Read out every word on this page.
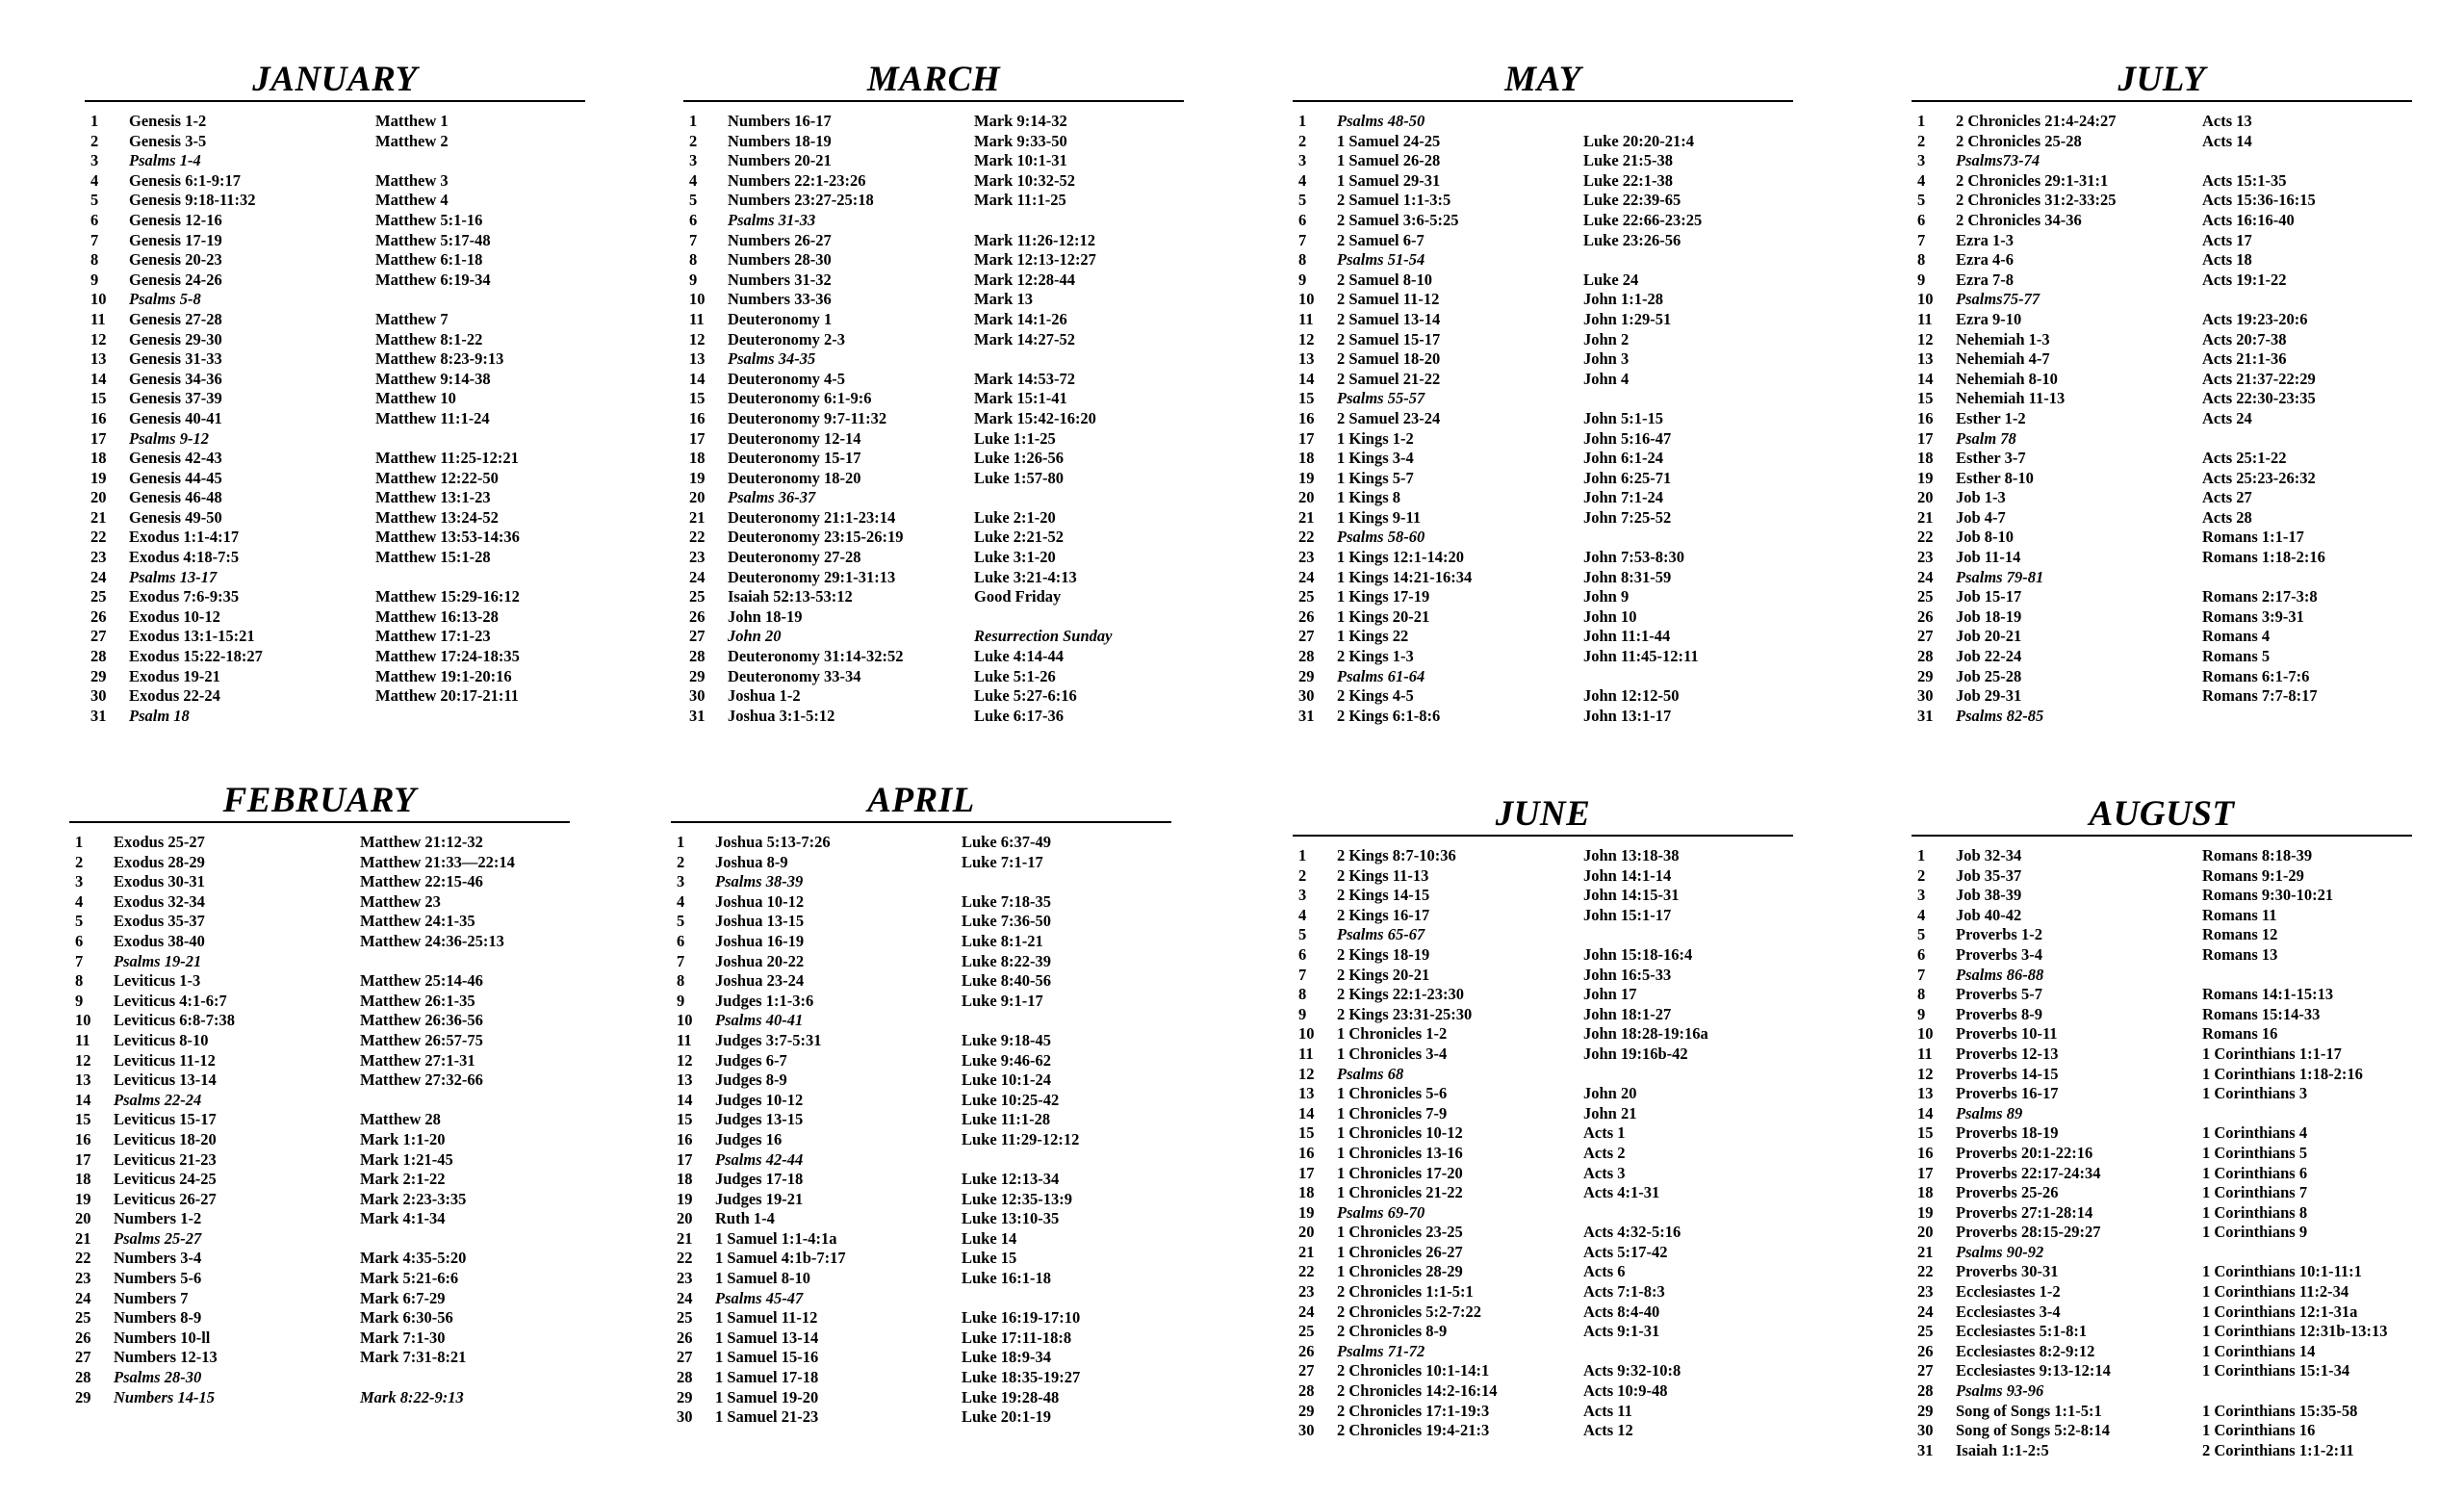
JANUARY
1	Genesis 1-2	Matthew 1
2	Genesis 3-5	Matthew 2
3	Psalms 1-4
4	Genesis 6:1-9:17	Matthew 3
5	Genesis 9:18-11:32	Matthew 4
6	Genesis 12-16	Matthew 5:1-16
7	Genesis 17-19	Matthew 5:17-48
8	Genesis 20-23	Matthew 6:1-18
9	Genesis 24-26	Matthew 6:19-34
10	Psalms 5-8
11	Genesis 27-28	Matthew 7
12	Genesis 29-30	Matthew 8:1-22
13	Genesis 31-33	Matthew 8:23-9:13
14	Genesis 34-36	Matthew 9:14-38
15	Genesis 37-39	Matthew 10
16	Genesis 40-41	Matthew 11:1-24
17	Psalms 9-12
18	Genesis 42-43	Matthew 11:25-12:21
19	Genesis 44-45	Matthew 12:22-50
20	Genesis 46-48	Matthew 13:1-23
21	Genesis 49-50	Matthew 13:24-52
22	Exodus 1:1-4:17	Matthew 13:53-14:36
23	Exodus 4:18-7:5	Matthew 15:1-28
24	Psalms 13-17
25	Exodus 7:6-9:35	Matthew 15:29-16:12
26	Exodus 10-12	Matthew 16:13-28
27	Exodus 13:1-15:21	Matthew 17:1-23
28	Exodus 15:22-18:27	Matthew 17:24-18:35
29	Exodus 19-21	Matthew 19:1-20:16
30	Exodus 22-24	Matthew 20:17-21:11
31	Psalm 18
FEBRUARY
1	Exodus 25-27	Matthew 21:12-32
2	Exodus 28-29	Matthew 21:33—22:14
3	Exodus 30-31	Matthew 22:15-46
4	Exodus 32-34	Matthew 23
5	Exodus 35-37	Matthew 24:1-35
6	Exodus 38-40	Matthew 24:36-25:13
7	Psalms 19-21
8	Leviticus 1-3	Matthew 25:14-46
9	Leviticus 4:1-6:7	Matthew 26:1-35
10	Leviticus 6:8-7:38	Matthew 26:36-56
11	Leviticus 8-10	Matthew 26:57-75
12	Leviticus 11-12	Matthew 27:1-31
13	Leviticus 13-14	Matthew 27:32-66
14	Psalms 22-24
15	Leviticus 15-17	Matthew 28
16	Leviticus 18-20	Mark 1:1-20
17	Leviticus 21-23	Mark 1:21-45
18	Leviticus 24-25	Mark 2:1-22
19	Leviticus 26-27	Mark 2:23-3:35
20	Numbers 1-2	Mark 4:1-34
21	Psalms 25-27
22	Numbers 3-4	Mark 4:35-5:20
23	Numbers 5-6	Mark 5:21-6:6
24	Numbers 7	Mark 6:7-29
25	Numbers 8-9	Mark 6:30-56
26	Numbers 10-ll	Mark 7:1-30
27	Numbers 12-13	Mark 7:31-8:21
28	Psalms 28-30
29	Numbers 14-15	Mark 8:22-9:13
MARCH
1	Numbers 16-17	Mark 9:14-32
2	Numbers 18-19	Mark 9:33-50
3	Numbers 20-21	Mark 10:1-31
4	Numbers 22:1-23:26	Mark 10:32-52
5	Numbers 23:27-25:18	Mark 11:1-25
6	Psalms 31-33
7	Numbers 26-27	Mark 11:26-12:12
8	Numbers 28-30	Mark 12:13-12:27
9	Numbers 31-32	Mark 12:28-44
10	Numbers 33-36	Mark 13
11	Deuteronomy 1	Mark 14:1-26
12	Deuteronomy 2-3	Mark 14:27-52
13	Psalms 34-35
14	Deuteronomy 4-5	Mark 14:53-72
15	Deuteronomy 6:1-9:6	Mark 15:1-41
16	Deuteronomy 9:7-11:32	Mark 15:42-16:20
17	Deuteronomy 12-14	Luke 1:1-25
18	Deuteronomy 15-17	Luke 1:26-56
19	Deuteronomy 18-20	Luke 1:57-80
20	Psalms 36-37
21	Deuteronomy 21:1-23:14	Luke 2:1-20
22	Deuteronomy 23:15-26:19	Luke 2:21-52
23	Deuteronomy 27-28	Luke 3:1-20
24	Deuteronomy 29:1-31:13	Luke 3:21-4:13
25	Isaiah 52:13-53:12	Good Friday
26	John 18-19
27	John 20	Resurrection Sunday
28	Deuteronomy 31:14-32:52	Luke 4:14-44
29	Deuteronomy 33-34	Luke 5:1-26
30	Joshua 1-2	Luke 5:27-6:16
31	Joshua 3:1-5:12	Luke 6:17-36
APRIL
1	Joshua 5:13-7:26	Luke 6:37-49
2	Joshua 8-9	Luke 7:1-17
3	Psalms 38-39
4	Joshua 10-12	Luke 7:18-35
5	Joshua 13-15	Luke 7:36-50
6	Joshua 16-19	Luke 8:1-21
7	Joshua 20-22	Luke 8:22-39
8	Joshua 23-24	Luke 8:40-56
9	Judges 1:1-3:6	Luke 9:1-17
10	Psalms 40-41
11	Judges 3:7-5:31	Luke 9:18-45
12	Judges 6-7	Luke 9:46-62
13	Judges 8-9	Luke 10:1-24
14	Judges 10-12	Luke 10:25-42
15	Judges 13-15	Luke 11:1-28
16	Judges 16	Luke 11:29-12:12
17	Psalms 42-44
18	Judges 17-18	Luke 12:13-34
19	Judges 19-21	Luke 12:35-13:9
20	Ruth 1-4	Luke 13:10-35
21	1 Samuel 1:1-4:1a	Luke 14
22	1 Samuel 4:1b-7:17	Luke 15
23	1 Samuel 8-10	Luke 16:1-18
24	Psalms 45-47
25	1 Samuel 11-12	Luke 16:19-17:10
26	1 Samuel 13-14	Luke 17:11-18:8
27	1 Samuel 15-16	Luke 18:9-34
28	1 Samuel 17-18	Luke 18:35-19:27
29	1 Samuel 19-20	Luke 19:28-48
30	1 Samuel 21-23	Luke 20:1-19
MAY
1	Psalms 48-50
2	1 Samuel 24-25	Luke 20:20-21:4
3	1 Samuel 26-28	Luke 21:5-38
4	1 Samuel 29-31	Luke 22:1-38
5	2 Samuel 1:1-3:5	Luke 22:39-65
6	2 Samuel 3:6-5:25	Luke 22:66-23:25
7	2 Samuel 6-7	Luke 23:26-56
8	Psalms 51-54
9	2 Samuel 8-10	Luke 24
10	2 Samuel 11-12	John 1:1-28
11	2 Samuel 13-14	John 1:29-51
12	2 Samuel 15-17	John 2
13	2 Samuel 18-20	John 3
14	2 Samuel 21-22	John 4
15	Psalms 55-57
16	2 Samuel 23-24	John 5:1-15
17	1 Kings 1-2	John 5:16-47
18	1 Kings 3-4	John 6:1-24
19	1 Kings 5-7	John 6:25-71
20	1 Kings 8	John 7:1-24
21	1 Kings 9-11	John 7:25-52
22	Psalms 58-60
23	1 Kings 12:1-14:20	John 7:53-8:30
24	1 Kings 14:21-16:34	John 8:31-59
25	1 Kings 17-19	John 9
26	1 Kings 20-21	John 10
27	1 Kings 22	John 11:1-44
28	2 Kings 1-3	John 11:45-12:11
29	Psalms 61-64
30	2 Kings 4-5	John 12:12-50
31	2 Kings 6:1-8:6	John 13:1-17
JUNE
1	2 Kings 8:7-10:36	John 13:18-38
2	2 Kings 11-13	John 14:1-14
3	2 Kings 14-15	John 14:15-31
4	2 Kings 16-17	John 15:1-17
5	Psalms 65-67
6	2 Kings 18-19	John 15:18-16:4
7	2 Kings 20-21	John 16:5-33
8	2 Kings 22:1-23:30	John 17
9	2 Kings 23:31-25:30	John 18:1-27
10	1 Chronicles 1-2	John 18:28-19:16a
11	1 Chronicles 3-4	John 19:16b-42
12	Psalms 68
13	1 Chronicles 5-6	John 20
14	1 Chronicles 7-9	John 21
15	1 Chronicles 10-12	Acts 1
16	1 Chronicles 13-16	Acts 2
17	1 Chronicles 17-20	Acts 3
18	1 Chronicles 21-22	Acts 4:1-31
19	Psalms 69-70
20	1 Chronicles 23-25	Acts 4:32-5:16
21	1 Chronicles 26-27	Acts 5:17-42
22	1 Chronicles 28-29	Acts 6
23	2 Chronicles 1:1-5:1	Acts 7:1-8:3
24	2 Chronicles 5:2-7:22	Acts 8:4-40
25	2 Chronicles 8-9	Acts 9:1-31
26	Psalms 71-72
27	2 Chronicles 10:1-14:1	Acts 9:32-10:8
28	2 Chronicles 14:2-16:14	Acts 10:9-48
29	2 Chronicles 17:1-19:3	Acts 11
30	2 Chronicles 19:4-21:3	Acts 12
JULY
1	2 Chronicles 21:4-24:27	Acts 13
2	2 Chronicles 25-28	Acts 14
3	Psalms73-74
4	2 Chronicles 29:1-31:1	Acts 15:1-35
5	2 Chronicles 31:2-33:25	Acts 15:36-16:15
6	2 Chronicles 34-36	Acts 16:16-40
7	Ezra 1-3	Acts 17
8	Ezra 4-6	Acts 18
9	Ezra 7-8	Acts 19:1-22
10	Psalms75-77
11	Ezra 9-10	Acts 19:23-20:6
12	Nehemiah 1-3	Acts 20:7-38
13	Nehemiah 4-7	Acts 21:1-36
14	Nehemiah 8-10	Acts 21:37-22:29
15	Nehemiah 11-13	Acts 22:30-23:35
16	Esther 1-2	Acts 24
17	Psalm 78
18	Esther 3-7	Acts 25:1-22
19	Esther 8-10	Acts 25:23-26:32
20	Job 1-3	Acts 27
21	Job 4-7	Acts 28
22	Job 8-10	Romans 1:1-17
23	Job 11-14	Romans 1:18-2:16
24	Psalms 79-81
25	Job 15-17	Romans 2:17-3:8
26	Job 18-19	Romans 3:9-31
27	Job 20-21	Romans 4
28	Job 22-24	Romans 5
29	Job 25-28	Romans 6:1-7:6
30	Job 29-31	Romans 7:7-8:17
31	Psalms 82-85
AUGUST
1	Job 32-34	Romans 8:18-39
2	Job 35-37	Romans 9:1-29
3	Job 38-39	Romans 9:30-10:21
4	Job 40-42	Romans 11
5	Proverbs 1-2	Romans 12
6	Proverbs 3-4	Romans 13
7	Psalms 86-88
8	Proverbs 5-7	Romans 14:1-15:13
9	Proverbs 8-9	Romans 15:14-33
10	Proverbs 10-11	Romans 16
11	Proverbs 12-13	1 Corinthians 1:1-17
12	Proverbs 14-15	1 Corinthians 1:18-2:16
13	Proverbs 16-17	1 Corinthians 3
14	Psalms 89
15	Proverbs 18-19	1 Corinthians 4
16	Proverbs 20:1-22:16	1 Corinthians 5
17	Proverbs 22:17-24:34	1 Corinthians 6
18	Proverbs 25-26	1 Corinthians 7
19	Proverbs 27:1-28:14	1 Corinthians 8
20	Proverbs 28:15-29:27	1 Corinthians 9
21	Psalms 90-92
22	Proverbs 30-31	1 Corinthians 10:1-11:1
23	Ecclesiastes 1-2	1 Corinthians 11:2-34
24	Ecclesiastes 3-4	1 Corinthians 12:1-31a
25	Ecclesiastes 5:1-8:1	1 Corinthians 12:31b-13:13
26	Ecclesiastes 8:2-9:12	1 Corinthians 14
27	Ecclesiastes 9:13-12:14	1 Corinthians 15:1-34
28	Psalms 93-96
29	Song of Songs 1:1-5:1	1 Corinthians 15:35-58
30	Song of Songs 5:2-8:14	1 Corinthians 16
31	Isaiah 1:1-2:5	2 Corinthians 1:1-2:11
